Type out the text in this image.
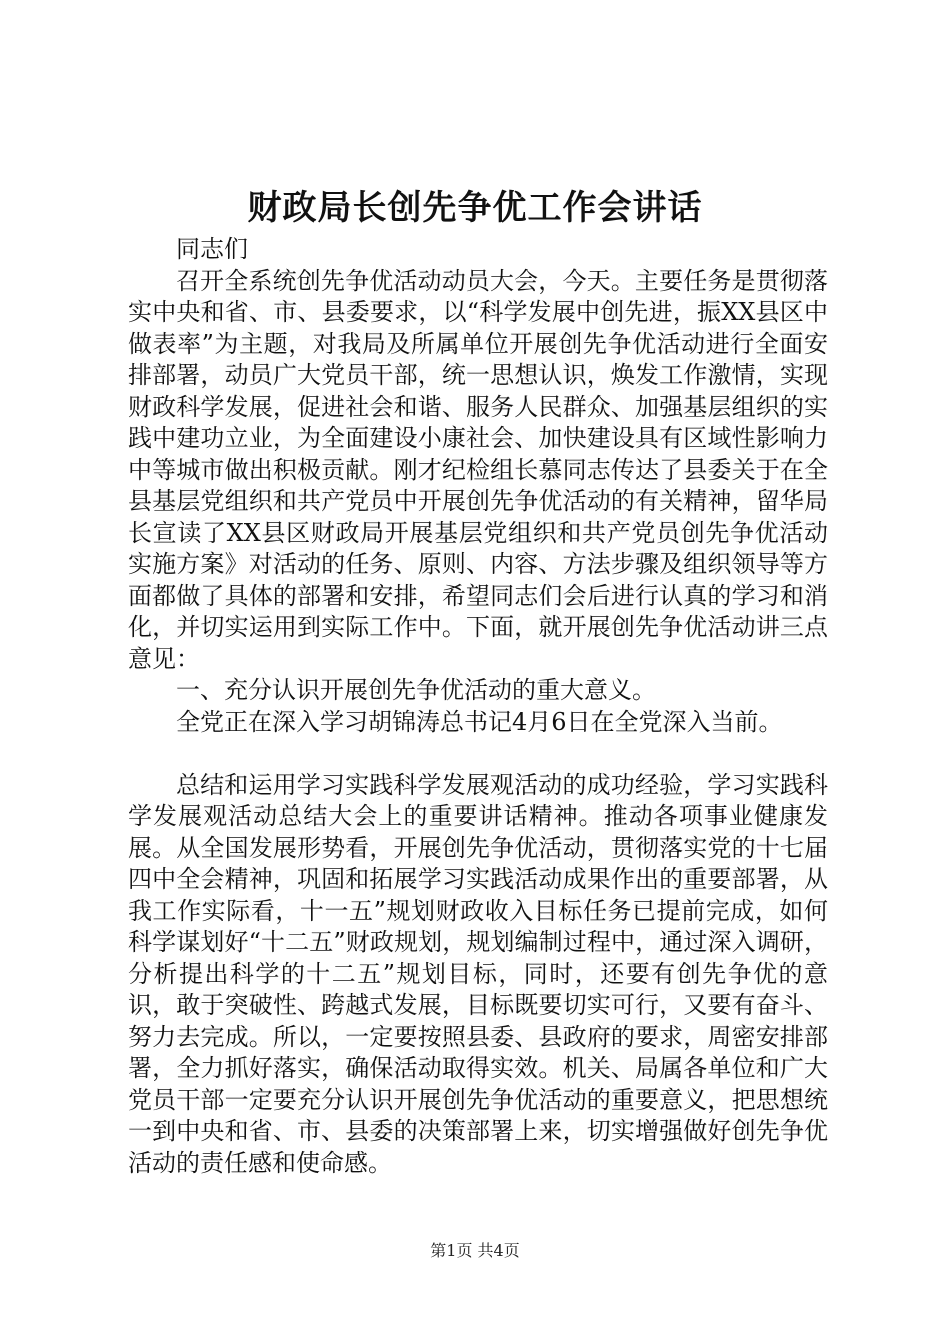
财政局长创先争优工作会讲话

同志们

召开全系统创先争优活动动员大会，今天。主要任务是贯彻落实中央和省、市、县委要求，以“科学发展中创先进，振XX县区中做表率”为主题，对我局及所属单位开展创先争优活动进行全面安排部署，动员广大党员干部，统一思想认识，焕发工作激情，实现财政科学发展，促进社会和谐、服务人民群众、加强基层组织的实践中建功立业，为全面建设小康社会、加快建设具有区域性影响力中等城市做出积极贡献。刚才纪检组长慕同志传达了县委关于在全县基层党组织和共产党员中开展创先争优活动的有关精神，留华局长宣读了XX县区财政局开展基层党组织和共产党员创先争优活动实施方案》对活动的任务、原则、内容、方法步骤及组织领导等方面都做了具体的部署和安排，希望同志们会后进行认真的学习和消化，并切实运用到实际工作中。下面，就开展创先争优活动讲三点意见：

一、充分认识开展创先争优活动的重大意义。

全党正在深入学习胡锦涛总书记4月6日在全党深入当前。

总结和运用学习实践科学发展观活动的成功经验，学习实践科学发展观活动总结大会上的重要讲话精神。推动各项事业健康发展。从全国发展形势看，开展创先争优活动，贯彻落实党的十七届四中全会精神，巩固和拓展学习实践活动成果作出的重要部署，从我工作实际看，十一五”规划财政收入目标任务已提前完成，如何科学谋划好“十二五”财政规划，规划编制过程中，通过深入调研，分析提出科学的十二五”规划目标，同时，还要有创先争优的意识，敢于突破性、跨越式发展，目标既要切实可行，又要有奋斗、努力去完成。所以，一定要按照县委、县政府的要求，周密安排部署，全力抓好落实，确保活动取得实效。机关、局属各单位和广大党员干部一定要充分认识开展创先争优活动的重要意义，把思想统一到中央和省、市、县委的决策部署上来，切实增强做好创先争优活动的责任感和使命感。

第1页 共4页
